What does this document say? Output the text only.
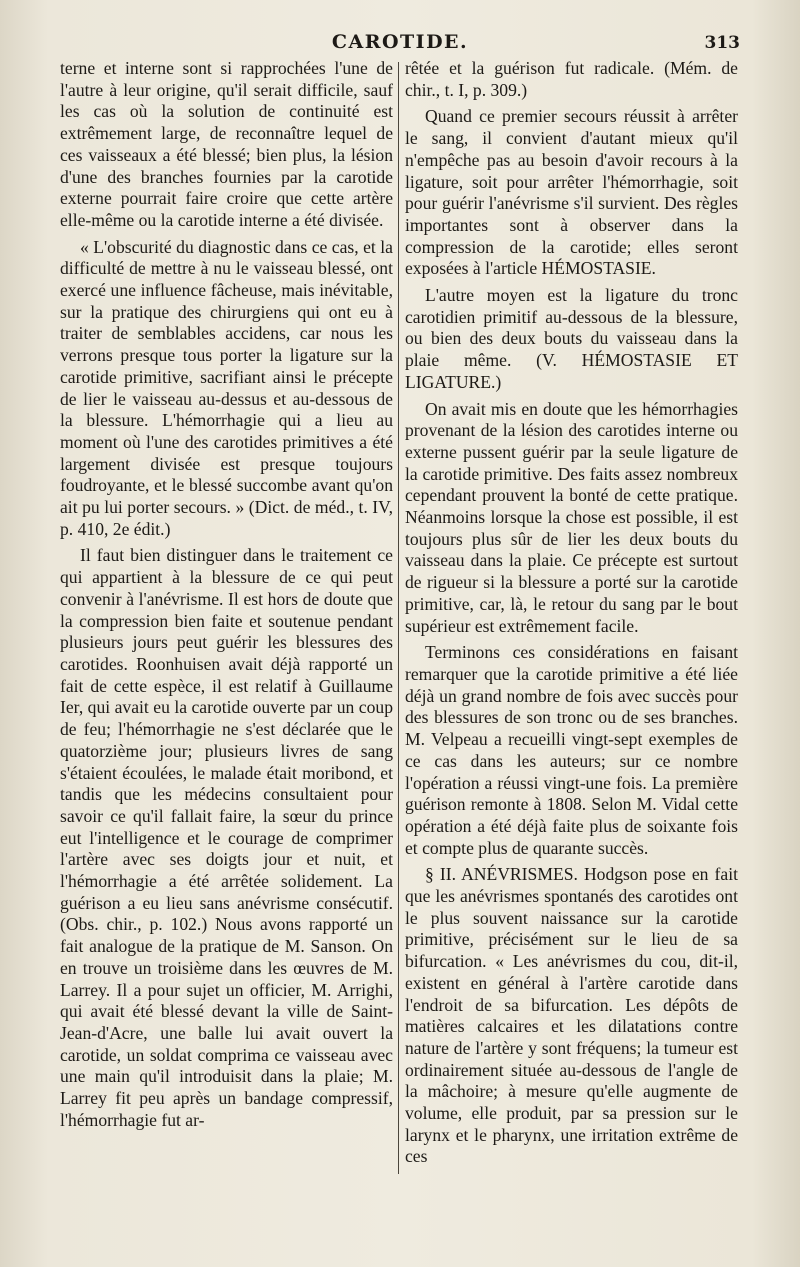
CAROTIDE.	313

terne et interne sont si rapprochées l'une de l'autre à leur origine, qu'il serait difficile, sauf les cas où la solution de continuité est extrêmement large, de reconnaître lequel de ces vaisseaux a été blessé; bien plus, la lésion d'une des branches fournies par la carotide externe pourrait faire croire que cette artère elle-même ou la carotide interne a été divisée.

« L'obscurité du diagnostic dans ce cas, et la difficulté de mettre à nu le vaisseau blessé, ont exercé une influence fâcheuse, mais inévitable, sur la pratique des chirurgiens qui ont eu à traiter de semblables accidens, car nous les verrons presque tous porter la ligature sur la carotide primitive, sacrifiant ainsi le précepte de lier le vaisseau au-dessus et au-dessous de la blessure. L'hémorrhagie qui a lieu au moment où l'une des carotides primitives a été largement divisée est presque toujours foudroyante, et le blessé succombe avant qu'on ait pu lui porter secours. » (Dict. de méd., t. IV, p. 410, 2e édit.)

Il faut bien distinguer dans le traitement ce qui appartient à la blessure de ce qui peut convenir à l'anévrisme. Il est hors de doute que la compression bien faite et soutenue pendant plusieurs jours peut guérir les blessures des carotides. Roonhuisen avait déjà rapporté un fait de cette espèce, il est relatif à Guillaume Ier, qui avait eu la carotide ouverte par un coup de feu; l'hémorrhagie ne s'est déclarée que le quatorzième jour; plusieurs livres de sang s'étaient écoulées, le malade était moribond, et tandis que les médecins consultaient pour savoir ce qu'il fallait faire, la sœur du prince eut l'intelligence et le courage de comprimer l'artère avec ses doigts jour et nuit, et l'hémorrhagie a été arrêtée solidement. La guérison a eu lieu sans anévrisme consécutif. (Obs. chir., p. 102.) Nous avons rapporté un fait analogue de la pratique de M. Sanson. On en trouve un troisième dans les œuvres de M. Larrey. Il a pour sujet un officier, M. Arrighi, qui avait été blessé devant la ville de Saint-Jean-d'Acre, une balle lui avait ouvert la carotide, un soldat comprima ce vaisseau avec une main qu'il introduisit dans la plaie; M. Larrey fit peu après un bandage compressif, l'hémorrhagie fut ar-

rêtée et la guérison fut radicale. (Mém. de chir., t. I, p. 309.)

Quand ce premier secours réussit à arrêter le sang, il convient d'autant mieux qu'il n'empêche pas au besoin d'avoir recours à la ligature, soit pour arrêter l'hémorrhagie, soit pour guérir l'anévrisme s'il survient. Des règles importantes sont à observer dans la compression de la carotide; elles seront exposées à l'article HÉMOSTASIE.

L'autre moyen est la ligature du tronc carotidien primitif au-dessous de la blessure, ou bien des deux bouts du vaisseau dans la plaie même. (V. HÉMOSTASIE ET LIGATURE.)

On avait mis en doute que les hémorrhagies provenant de la lésion des carotides interne ou externe pussent guérir par la seule ligature de la carotide primitive. Des faits assez nombreux cependant prouvent la bonté de cette pratique. Néanmoins lorsque la chose est possible, il est toujours plus sûr de lier les deux bouts du vaisseau dans la plaie. Ce précepte est surtout de rigueur si la blessure a porté sur la carotide primitive, car, là, le retour du sang par le bout supérieur est extrêmement facile.

Terminons ces considérations en faisant remarquer que la carotide primitive a été liée déjà un grand nombre de fois avec succès pour des blessures de son tronc ou de ses branches. M. Velpeau a recueilli vingt-sept exemples de ce cas dans les auteurs; sur ce nombre l'opération a réussi vingt-une fois. La première guérison remonte à 1808. Selon M. Vidal cette opération a été déjà faite plus de soixante fois et compte plus de quarante succès.

§ II. ANÉVRISMES. Hodgson pose en fait que les anévrismes spontanés des carotides ont le plus souvent naissance sur la carotide primitive, précisément sur le lieu de sa bifurcation. « Les anévrismes du cou, dit-il, existent en général à l'artère carotide dans l'endroit de sa bifurcation. Les dépôts de matières calcaires et les dilatations contre nature de l'artère y sont fréquens; la tumeur est ordinairement située au-dessous de l'angle de la mâchoire; à mesure qu'elle augmente de volume, elle produit, par sa pression sur le larynx et le pharynx, une irritation extrême de ces
